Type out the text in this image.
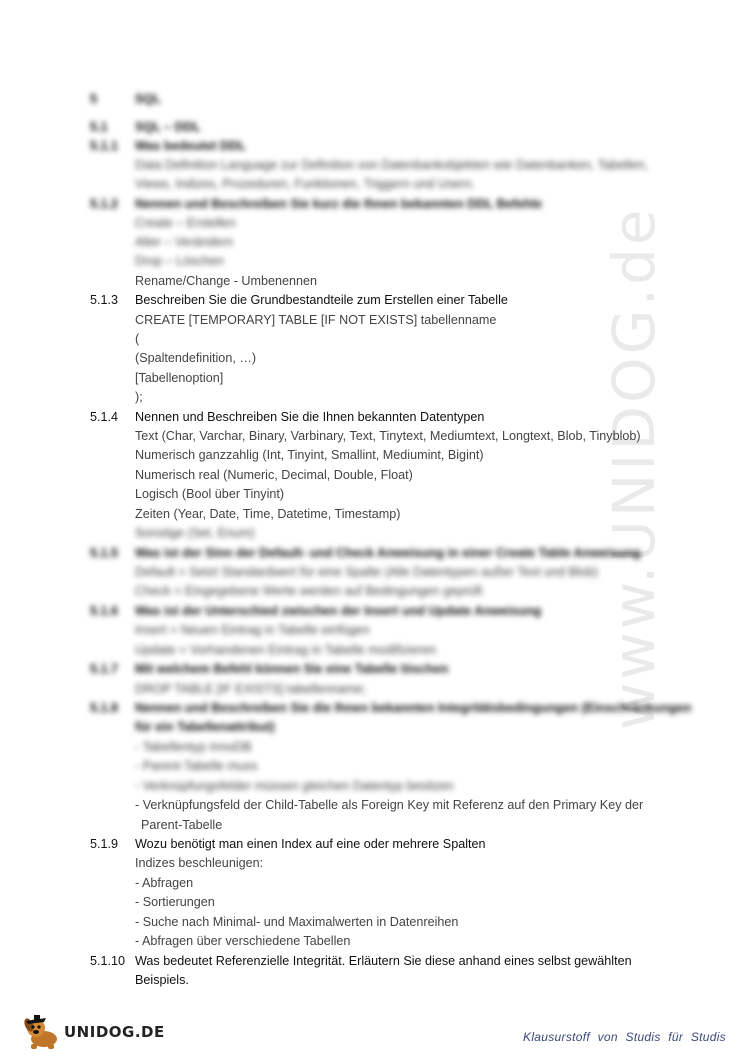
www.UNIDOG.de
5	SQL
5.1 SQL – DDL
5.1.1 Was bedeutet DDL
Data Definition Language zur Definition von Datenbankobjekten wie Datenbanken, Tabellen,
Views, Indizes, Prozeduren, Funktionen, Triggern und Usern.
5.1.2 Nennen und Beschreiben Sie kurz die Ihnen bekannten DDL Befehle
Create – Erstellen
Alter – Verändern
Drop – Löschen
Rename/Change - Umbenennen
5.1.3 Beschreiben Sie die Grundbestandteile zum Erstellen einer Tabelle
CREATE [TEMPORARY] TABLE [IF NOT EXISTS] tabellenname
(
(Spaltendefinition, …)
[Tabellenoption]
);
5.1.4 Nennen und Beschreiben Sie die Ihnen bekannten Datentypen
Text (Char, Varchar, Binary, Varbinary, Text, Tinytext, Mediumtext, Longtext, Blob, Tinyblob)
Numerisch ganzzahlig (Int, Tinyint, Smallint, Mediumint, Bigint)
Numerisch real (Numeric, Decimal, Double, Float)
Logisch (Bool über Tinyint)
Zeiten (Year, Date, Time, Datetime, Timestamp)
Sonstige (Set, Enum)
5.1.5 Was ist der Sinn der Default- und Check Anweisung in einer Create Table Anweisung
Default = Setzt Standardwert für eine Spalte (Alle Datentypen außer Text und Blob)
Check = Eingegebene Werte werden auf Bedingungen geprüft
5.1.6 Was ist der Unterschied zwischen der Insert und Update Anweisung
Insert = Neuen Eintrag in Tabelle einfügen
Update = Vorhandenen Eintrag in Tabelle modifizieren
5.1.7 Mit welchem Befehl können Sie eine Tabelle löschen
DROP TABLE [IF EXISTS] tabellenname;
5.1.8 Nennen und Beschreiben Sie die Ihnen bekannten Integritätsbedingungen (Einschränkungen
für ein Tabellenattribut)
- Tabellentyp InnoDB
- Parent-Tabelle muss
- Verknüpfungsfelder müssen gleichen Datentyp besitzen
- Verknüpfungsfeld der Child-Tabelle als Foreign Key mit Referenz auf den Primary Key der
Parent-Tabelle
5.1.9 Wozu benötigt man einen Index auf eine oder mehrere Spalten
Indizes beschleunigen:
- Abfragen
- Sortierungen
- Suche nach Minimal- und Maximalwerten in Datenreihen
- Abfragen über verschiedene Tabellen
5.1.10 Was bedeutet Referenzielle Integrität. Erläutern Sie diese anhand eines selbst gewählten
Beispiels.
UNIDOG.DE	Klausurstoff von Studis für Studis
